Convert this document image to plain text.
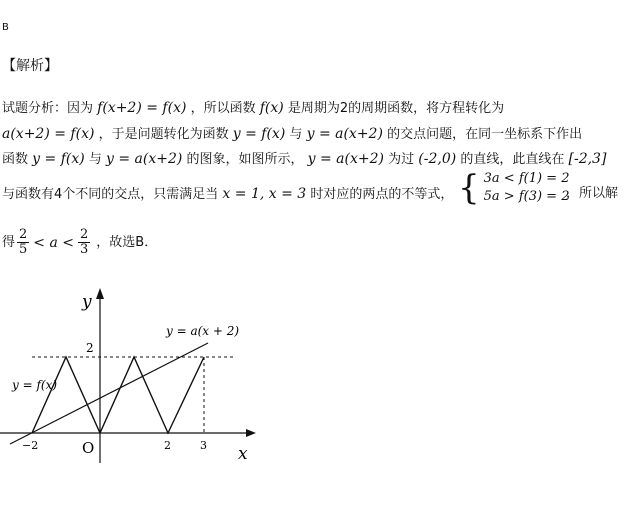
B
【解析】
试题分析：因为 f(x+2) = f(x) ，所以函数 f(x) 是周期为2的周期函数，将方程转化为
a(x+2) = f(x) ，于是问题转化为函数 y = f(x) 与 y = a(x+2) 的交点问题，在同一坐标系下作出
函数 y = f(x) 与 y = a(x+2) 的图象，如图所示， y = a(x+2) 为过 (-2,0) 的直线，此直线在 [-2,3]
与函数有4个不同的交点，只需满足当 x = 1, x = 3 时对应的两点的不等式， { 3a < f(1) = 2
5a > f(3) = 2
，所以解
得 $\frac{2}{5} < a < \frac{2}{3}$ ，故选B．
y
x
O
2
−2	2	3
y = f(x)
y = a(x + 2)
